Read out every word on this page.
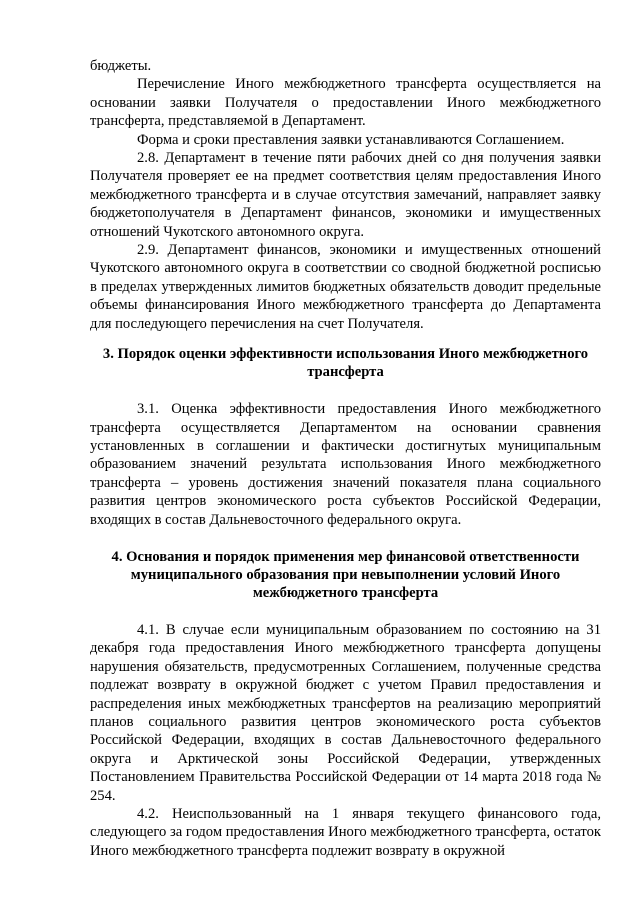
бюджеты.

Перечисление Иного межбюджетного трансферта осуществляется на основании заявки Получателя о предоставлении Иного межбюджетного трансферта, представляемой в Департамент.

Форма и сроки преставления заявки устанавливаются Соглашением.

2.8. Департамент в течение пяти рабочих дней со дня получения заявки Получателя проверяет ее на предмет соответствия целям предоставления Иного межбюджетного трансферта и в случае отсутствия замечаний, направляет заявку бюджетополучателя в Департамент финансов, экономики и имущественных отношений Чукотского автономного округа.

2.9. Департамент финансов, экономики и имущественных отношений Чукотского автономного округа в соответствии со сводной бюджетной росписью в пределах утвержденных лимитов бюджетных обязательств доводит предельные объемы финансирования Иного межбюджетного трансферта до Департамента для последующего перечисления на счет Получателя.

3. Порядок оценки эффективности использования Иного межбюджетного
трансферта

3.1. Оценка эффективности предоставления Иного межбюджетного трансферта осуществляется Департаментом на основании сравнения установленных в соглашении и фактически достигнутых муниципальным образованием значений результата использования Иного межбюджетного трансферта – уровень достижения значений показателя плана социального развития центров экономического роста субъектов Российской Федерации, входящих в состав Дальневосточного федерального округа.

4. Основания и порядок применения мер финансовой ответственности
муниципального образования при невыполнении условий Иного
межбюджетного трансферта

4.1. В случае если муниципальным образованием по состоянию на 31 декабря года предоставления Иного межбюджетного трансферта допущены нарушения обязательств, предусмотренных Соглашением, полученные средства подлежат возврату в окружной бюджет с учетом Правил предоставления и распределения иных межбюджетных трансфертов на реализацию мероприятий планов социального развития центров экономического роста субъектов Российской Федерации, входящих в состав Дальневосточного федерального округа и Арктической зоны Российской Федерации, утвержденных Постановлением Правительства Российской Федерации от 14 марта 2018 года № 254.

4.2. Неиспользованный на 1 января текущего финансового года, следующего за годом предоставления Иного межбюджетного трансферта, остаток Иного межбюджетного трансферта подлежит возврату в окружной
